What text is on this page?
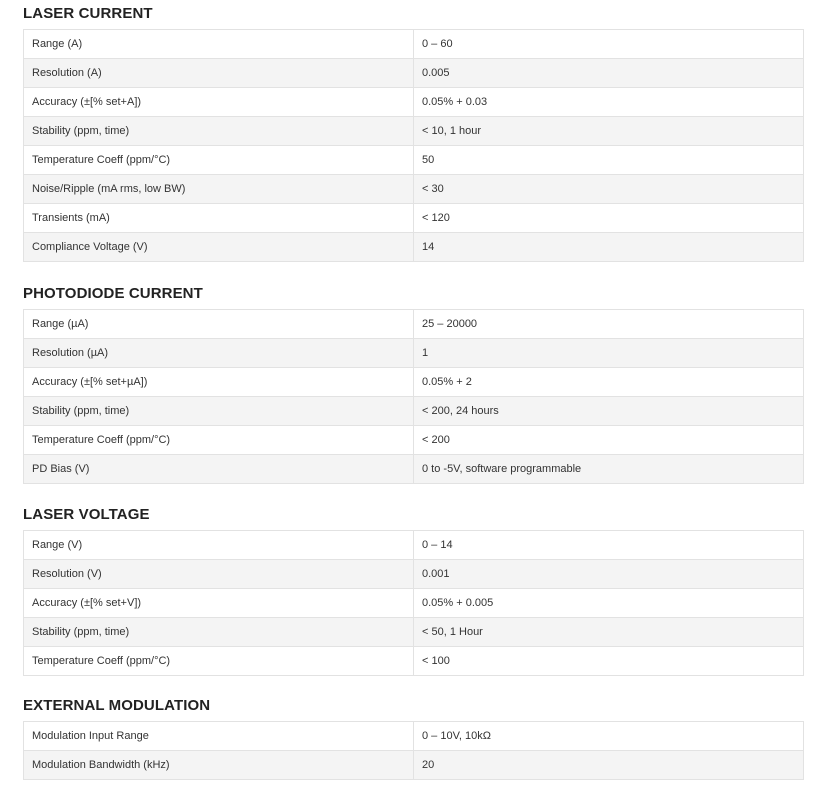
LASER CURRENT
Range (A)	0 – 60
Resolution (A)	0.005
Accuracy (±[% set+A])	0.05% + 0.03
Stability (ppm, time)	< 10, 1 hour
Temperature Coeff (ppm/°C)	50
Noise/Ripple (mA rms, low BW)	< 30
Transients (mA)	< 120
Compliance Voltage (V)	14
PHOTODIODE CURRENT
Range (µA)	25 – 20000
Resolution (µA)	1
Accuracy (±[% set+µA])	0.05% + 2
Stability (ppm, time)	< 200, 24 hours
Temperature Coeff (ppm/°C)	< 200
PD Bias (V)	0 to -5V, software programmable
LASER VOLTAGE
Range (V)	0 – 14
Resolution (V)	0.001
Accuracy (±[% set+V])	0.05% + 0.005
Stability (ppm, time)	< 50, 1 Hour
Temperature Coeff (ppm/°C)	< 100
EXTERNAL MODULATION
Modulation Input Range	0 – 10V, 10kΩ
Modulation Bandwidth (kHz)	20
